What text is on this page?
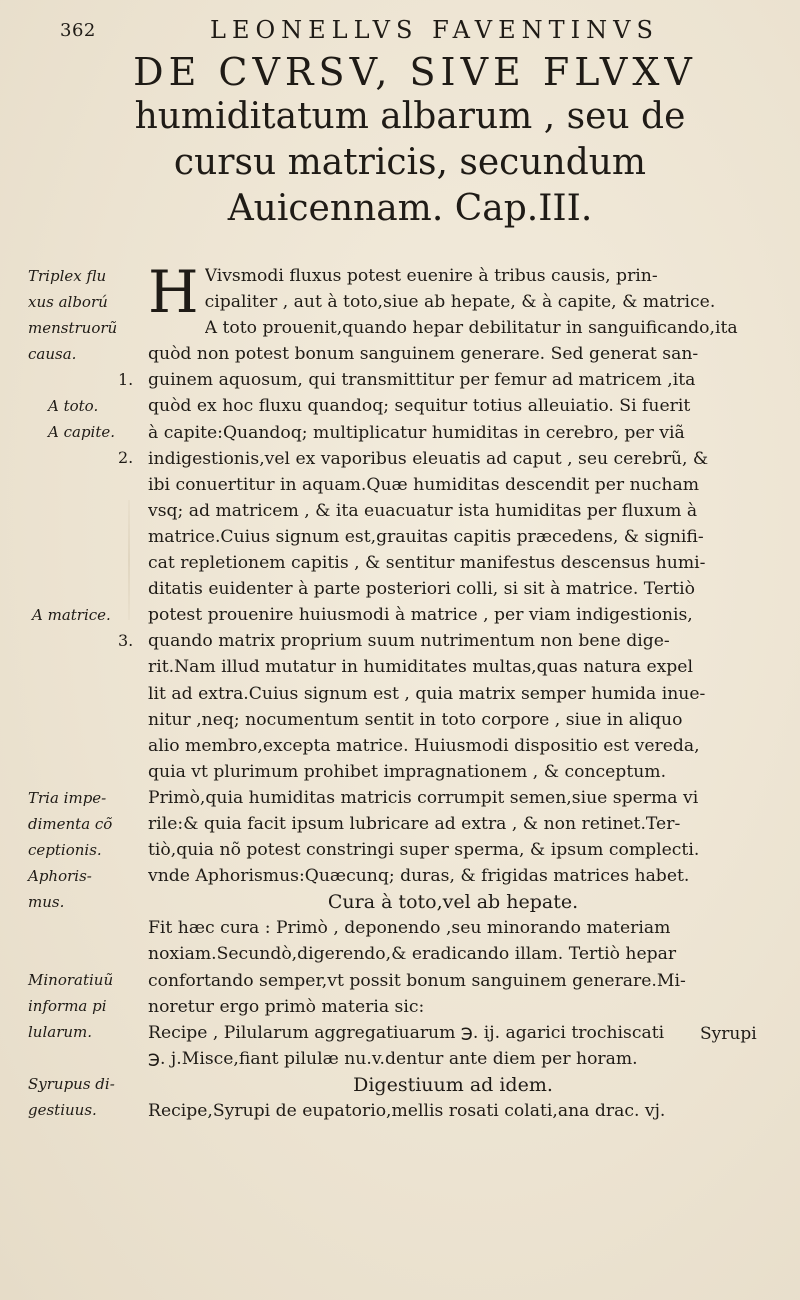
362	LEONELLVS FAVENTINVS
DE CVRSV, SIVE FLVXV
humiditatum albarum , seu de
cursu matricis, secundum
Auicennam. Cap.III.
Triplex flu
xus alború
menstruorũ
causa.
1.
A toto.
A capite.
2.
A matrice.
3.
Tria impe-
dimenta cõ
ceptionis.
Aphoris-
mus.
Minoratiuũ
informa pi
lularum.
Syrupus di-
gestiuus.
H Vivsmodi fluxus potest euenire à tribus causis, prin-
cipaliter , aut à toto,siue ab hepate, & à capite, & matrice.
A toto prouenit,quando hepar debilitatur in sanguificando,ita
quòd non potest bonum sanguinem generare. Sed generat san-
guinem aquosum, qui transmittitur per femur ad matricem ,ita
quòd ex hoc fluxu quandoq; sequitur totius alleuiatio. Si fuerit
à capite:Quandoq; multiplicatur humiditas in cerebro, per viã
indigestionis,vel ex vaporibus eleuatis ad caput , seu cerebrũ, &
ibi conuertitur in aquam.Quæ humiditas descendit per nucham
vsq; ad matricem , & ita euacuatur ista humiditas per fluxum à
matrice.Cuius signum est,grauitas capitis præcedens, & signifi-
cat repletionem capitis , & sentitur manifestus descensus humi-
ditatis euidenter à parte posteriori colli, si sit à matrice. Tertiò
potest prouenire huiusmodi à matrice , per viam indigestionis,
quando matrix proprium suum nutrimentum non bene dige-
rit.Nam illud mutatur in humiditates multas,quas natura expel
lit ad extra.Cuius signum est , quia matrix semper humida inue-
nitur ,neq; nocumentum sentit in toto corpore , siue in aliquo
alio membro,excepta matrice. Huiusmodi dispositio est vereda,
quia vt plurimum prohibet impragnationem , & conceptum.
Primò,quia humiditas matricis corrumpit semen,siue sperma vi
rile:& quia facit ipsum lubricare ad extra , & non retinet.Ter-
tiò,quia nõ potest constringi super sperma, & ipsum complecti.
vnde Aphorismus:Quæcunq; duras, & frigidas matrices habet.
Cura à toto,vel ab hepate.
Fit hæc cura : Primò , deponendo ,seu minorando materiam
noxiam.Secundò,digerendo,& eradicando illam. Tertiò hepar
confortando semper,vt possit bonum sanguinem generare.Mi-
noretur ergo primò materia sic:
Recipe , Pilularum aggregatiuarum ℈. ij. agarici trochiscati
℈. j.Misce,fiant pilulæ nu.v.dentur ante diem per horam.
Digestiuum ad idem.
Recipe,Syrupi de eupatorio,mellis rosati colati,ana drac. vj.
Syrupi
